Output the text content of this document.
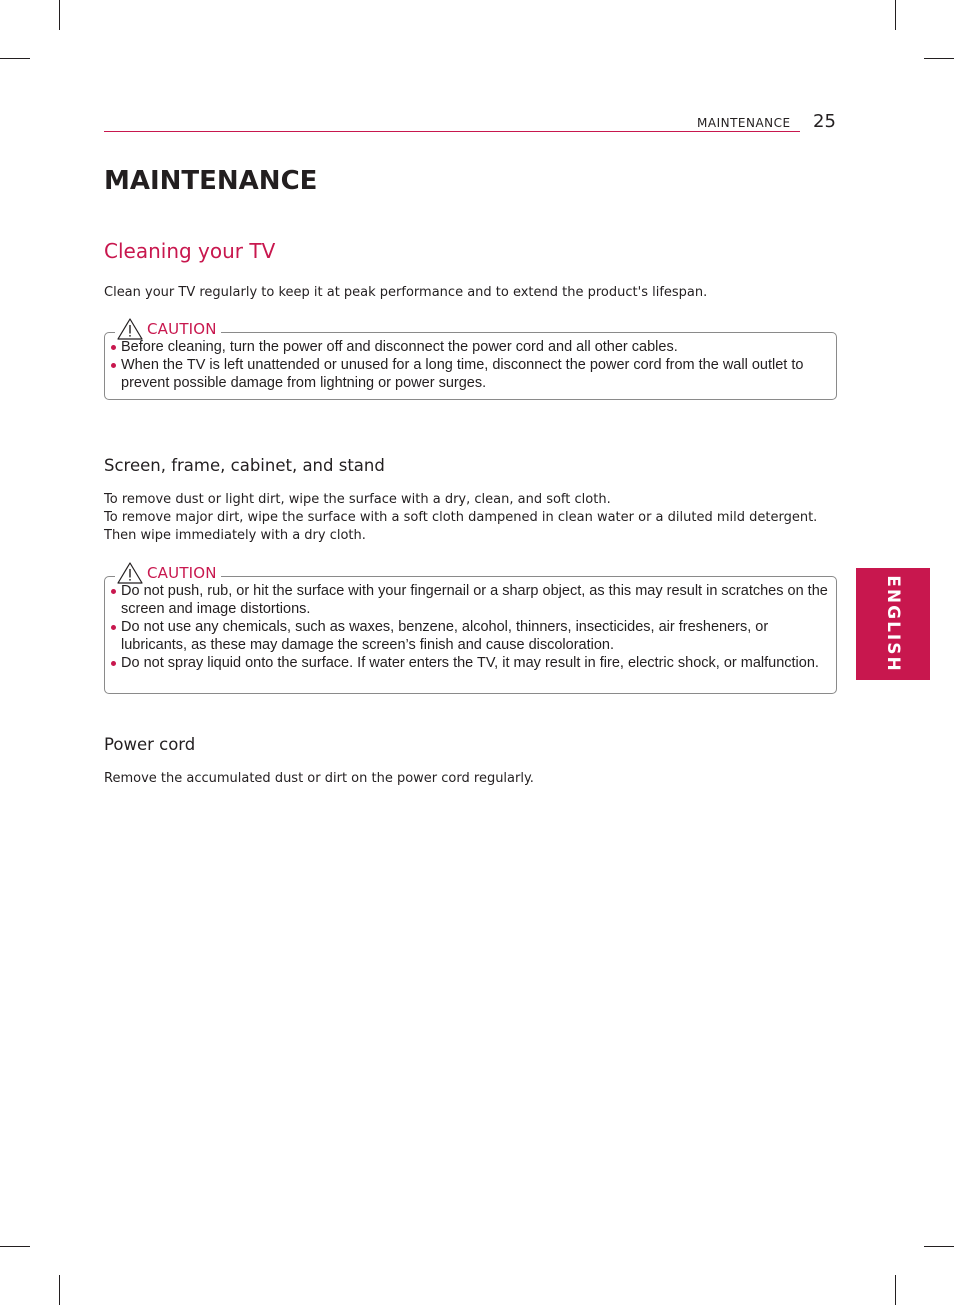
MAINTENANCE 25
MAINTENANCE
Cleaning your TV

Clean your TV regularly to keep it at peak performance and to extend the product's lifespan.

CAUTION
Before cleaning, turn the power off and disconnect the power cord and all other cables.
When the TV is left unattended or unused for a long time, disconnect the power cord from the wall outlet to prevent possible damage from lightning or power surges.
Screen, frame, cabinet, and stand

To remove dust or light dirt, wipe the surface with a dry, clean, and soft cloth.

To remove major dirt, wipe the surface with a soft cloth dampened in clean water or a diluted mild detergent. Then wipe immediately with a dry cloth.

CAUTION
Do not push, rub, or hit the surface with your fingernail or a sharp object, as this may result in scratches on the screen and image distortions.
Do not use any chemicals, such as waxes, benzene, alcohol, thinners, insecticides, air fresheners, or lubricants, as these may damage the screen’s finish and cause discoloration.
Do not spray liquid onto the surface. If water enters the TV, it may result in fire, electric shock, or malfunction.
Power cord

Remove the accumulated dust or dirt on the power cord regularly.

ENGLISH
